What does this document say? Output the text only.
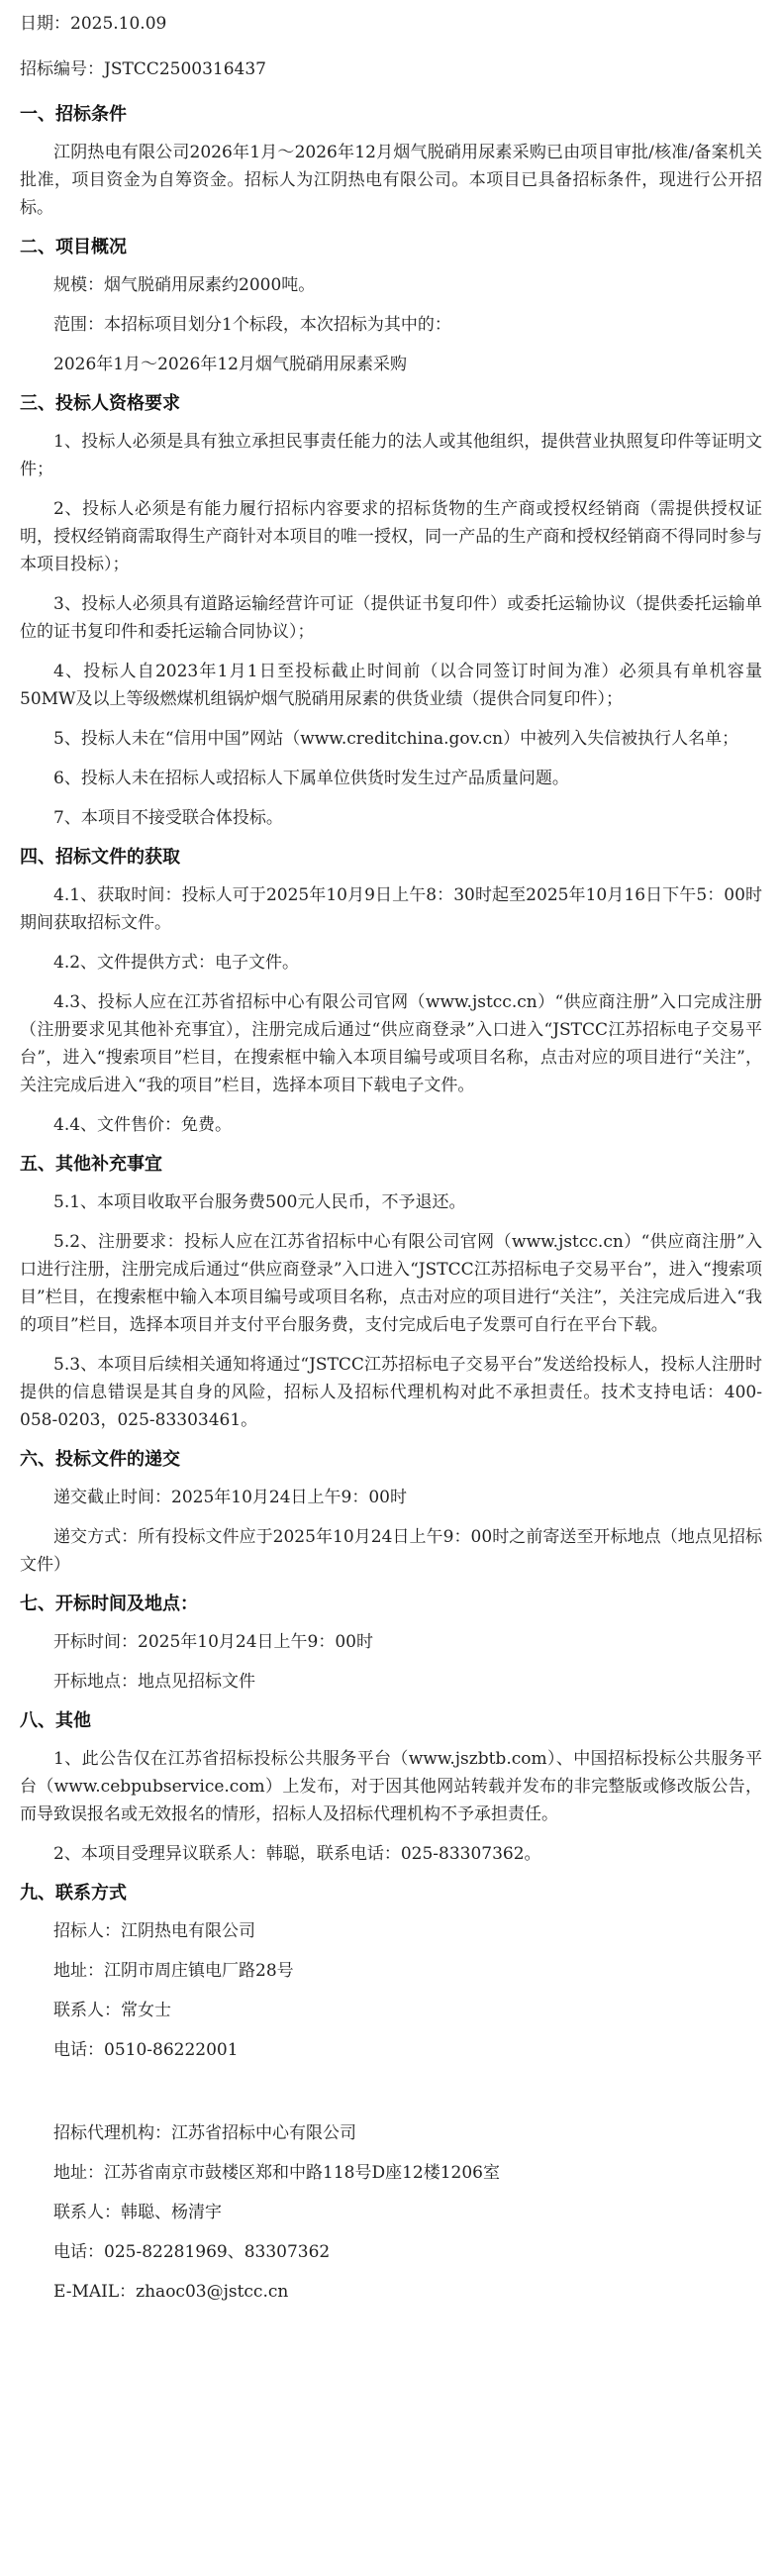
日期：2025.10.09

招标编号：JSTCC2500316437

一、招标条件

江阴热电有限公司2026年1月～2026年12月烟气脱硝用尿素采购已由项目审批/核准/备案机关批准，项目资金为自筹资金。招标人为江阴热电有限公司。本项目已具备招标条件，现进行公开招标。

二、项目概况

规模：烟气脱硝用尿素约2000吨。

范围：本招标项目划分1个标段，本次招标为其中的：

2026年1月～2026年12月烟气脱硝用尿素采购

三、投标人资格要求

1、投标人必须是具有独立承担民事责任能力的法人或其他组织，提供营业执照复印件等证明文件；

2、投标人必须是有能力履行招标内容要求的招标货物的生产商或授权经销商（需提供授权证明，授权经销商需取得生产商针对本项目的唯一授权，同一产品的生产商和授权经销商不得同时参与本项目投标）；

3、投标人必须具有道路运输经营许可证（提供证书复印件）或委托运输协议（提供委托运输单位的证书复印件和委托运输合同协议）；

4、投标人自2023年1月1日至投标截止时间前（以合同签订时间为准）必须具有单机容量50MW及以上等级燃煤机组锅炉烟气脱硝用尿素的供货业绩（提供合同复印件）；

5、投标人未在“信用中国”网站（www.creditchina.gov.cn）中被列入失信被执行人名单；

6、投标人未在招标人或招标人下属单位供货时发生过产品质量问题。

7、本项目不接受联合体投标。

四、招标文件的获取

4.1、获取时间：投标人可于2025年10月9日上午8：30时起至2025年10月16日下午5：00时期间获取招标文件。

4.2、文件提供方式：电子文件。

4.3、投标人应在江苏省招标中心有限公司官网（www.jstcc.cn）“供应商注册”入口完成注册（注册要求见其他补充事宜），注册完成后通过“供应商登录”入口进入“JSTCC江苏招标电子交易平台”，进入“搜索项目”栏目，在搜索框中输入本项目编号或项目名称，点击对应的项目进行“关注”，关注完成后进入“我的项目”栏目，选择本项目下载电子文件。

4.4、文件售价：免费。

五、其他补充事宜

5.1、本项目收取平台服务费500元人民币，不予退还。

5.2、注册要求：投标人应在江苏省招标中心有限公司官网（www.jstcc.cn）“供应商注册”入口进行注册，注册完成后通过“供应商登录”入口进入“JSTCC江苏招标电子交易平台”，进入“搜索项目”栏目，在搜索框中输入本项目编号或项目名称，点击对应的项目进行“关注”，关注完成后进入“我的项目”栏目，选择本项目并支付平台服务费，支付完成后电子发票可自行在平台下载。

5.3、本项目后续相关通知将通过“JSTCC江苏招标电子交易平台”发送给投标人，投标人注册时提供的信息错误是其自身的风险，招标人及招标代理机构对此不承担责任。技术支持电话：400-058-0203，025-83303461。

六、投标文件的递交

递交截止时间：2025年10月24日上午9：00时

递交方式：所有投标文件应于2025年10月24日上午9：00时之前寄送至开标地点（地点见招标文件）

七、开标时间及地点：

开标时间：2025年10月24日上午9：00时

开标地点：地点见招标文件

八、其他

1、此公告仅在江苏省招标投标公共服务平台（www.jszbtb.com）、中国招标投标公共服务平台（www.cebpubservice.com）上发布，对于因其他网站转载并发布的非完整版或修改版公告，而导致误报名或无效报名的情形，招标人及招标代理机构不予承担责任。

2、本项目受理异议联系人：韩聪，联系电话：025-83307362。

九、联系方式

招标人：江阴热电有限公司

地址：江阴市周庄镇电厂路28号

联系人：常女士

电话：0510-86222001

招标代理机构：江苏省招标中心有限公司

地址：江苏省南京市鼓楼区郑和中路118号D座12楼1206室

联系人：韩聪、杨清宇

电话：025-82281969、83307362

E-MAIL：zhaoc03@jstcc.cn
